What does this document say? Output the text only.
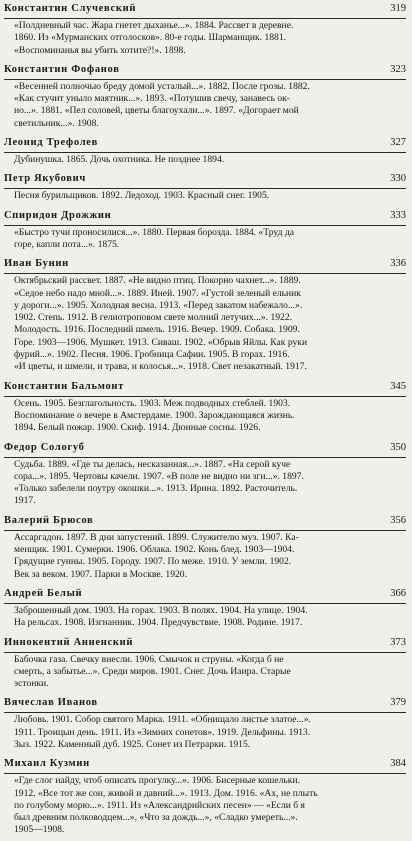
Константин Случевский	319
«Полдневный час. Жара гнетет дыханье...». 1884. Рассвет в деревне.
1860. Из «Мурманских отголосков». 80-е годы. Шарманщик. 1881.
«Воспоминанья вы убить хотите?!». 1898.
Константин Фофанов	323
«Весенней полночью бреду домой усталый...». 1882. После грозы. 1882.
«Как стучит уныло маятник...». 1893. «Потушив свечу, занавесь ок-
но...». 1881. «Пел соловей, цветы благоухали...». 1897. «Догорает мой
светильник...». 1908.
Леонид Трефолев	327
Дубинушка. 1865. Дочь охотника. Не позднее 1894.
Петр Якубович	330
Песня бурильщиков. 1892. Ледоход. 1903. Красный снег. 1905.
Спиридон Дрожжин	333
«Быстро тучи проносилися...». 1880. Первая борозда. 1884. «Труд да
горе, капли пота...». 1875.
Иван Бунин	336
Октябрьский рассвет. 1887. «Не видно птиц. Покорно чахнет...». 1889.
«Седое небо надо мной...». 1889. Иней. 1907. «Густой зеленый ельник
у дороги...». 1905. Холодная весна. 1913. «Перед закатом набежало...».
1902. Степь. 1912. В гелиотроповом свете молний летучих...». 1922.
Молодость. 1916. Последний шмель. 1916. Вечер. 1909. Собака. 1909.
Горе. 1903—1906. Мушкет. 1913. Сиваш. 1902. «Обрыв Яйлы. Как руки
фурий...». 1902. Песня. 1906. Гробница Сафии. 1905. В горах. 1916.
«И цветы, и шмели, и трава, и колосья...». 1918. Свет незакатный. 1917.
Константин Бальмонт	345
Осень. 1905. Безглагольность. 1903. Меж подводных стеблей. 1903.
Воспоминание о вечере в Амстердаме. 1900. Зарождающаяся жизнь.
1894. Белый пожар. 1900. Скиф. 1914. Дюнные сосны. 1926.
Федор Сологуб	350
Судьба. 1889. «Где ты делась, несказанная...». 1887. «На серой куче
сора...». 1895. Чертовы качели. 1907. «В поле не видно ни зги...». 1897.
«Только забелели поутру окошки...». 1913. Ирина. 1892. Расточитель.
1917.
Валерий Брюсов	356
Ассаргадон. 1897. В дни запустений. 1899. Служителю муз. 1907. Ка-
менщик. 1901. Сумерки. 1906. Облака. 1902. Конь блед. 1903—1904.
Грядущие гунны. 1905. Городу. 1907. По меже. 1910. У земли. 1902.
Век за веком. 1907. Парки в Москве. 1920.
Андрей Белый	366
Заброшенный дом. 1903. На горах. 1903. В полях. 1904. На улице. 1904.
На рельсах. 1908. Изгнанник. 1904. Предчувствие. 1908. Родине. 1917.
Иннокентий Анненский	373
Бабочка газа. Свечку внесли. 1906. Смычок и струны. «Когда б не
смерть, а забытье...». Среди миров. 1901. Снег. Дочь Иаира. Старые
эстонки.
Вячеслав Иванов	379
Любовь. 1901. Собор святого Марка. 1911. «Обнищало листье златое...».
1911. Троицын день. 1911. Из «Зимних сонетов». 1919. Дельфины. 1913.
Зыз. 1922. Каменный дуб. 1925. Сонет из Петрарки. 1915.
Михаил Кузмин	384
«Где слог найду, чтоб описать прогулку...». 1906. Бисерные кошельки.
1912. «Все тот же сон, живой и давний...». 1913. Дом. 1916. «Ах, не плыть
по голубому морю...». 1911. Из «Александрийских песен» — «Если б я
был древним полководцем...», «Что за дождь...», «Сладко умереть...».
1905—1908.
